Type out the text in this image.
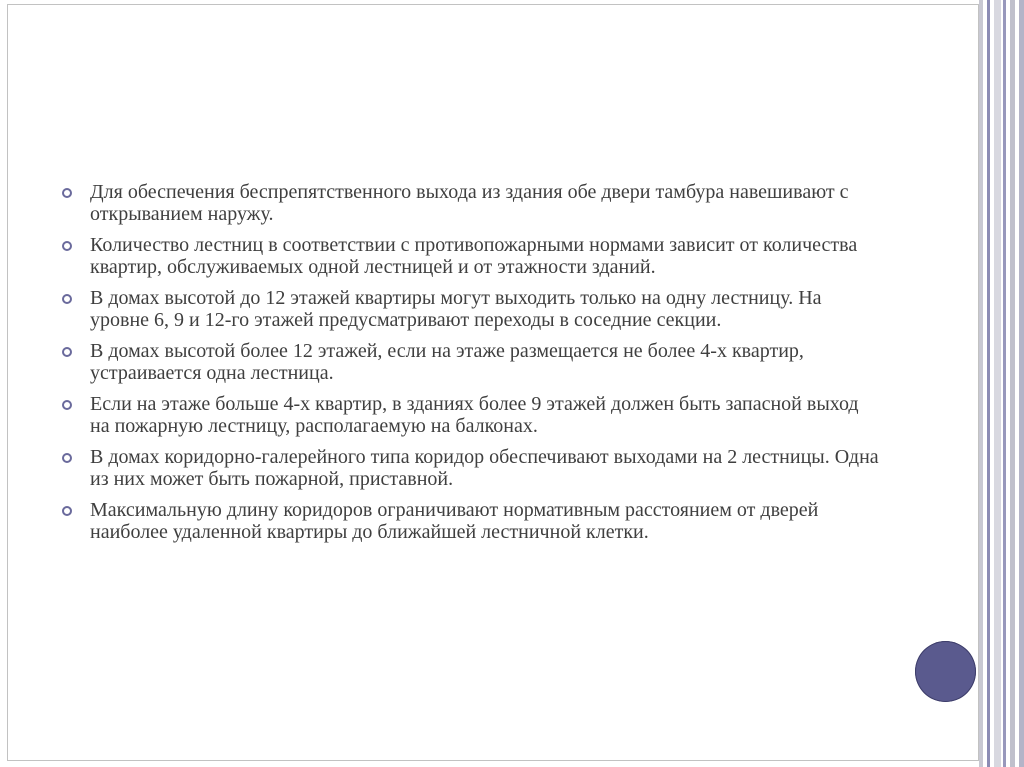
Для обеспечения беспрепятственного выхода из здания обе двери тамбура навешивают с открыванием наружу.
Количество лестниц в соответствии с противопожарными нормами зависит от количества квартир, обслуживаемых одной лестницей и от этажности зданий.
В домах высотой до 12 этажей квартиры могут выходить только на одну лестницу. На уровне 6, 9 и 12-го этажей предусматривают переходы в соседние секции.
В домах высотой более 12 этажей, если на этаже размещается не более 4-х квартир, устраивается одна лестница.
Если на этаже больше 4-х квартир, в зданиях более 9 этажей должен быть запасной выход на пожарную лестницу, располагаемую на балконах.
В домах коридорно-галерейного типа коридор обеспечивают выходами на 2 лестницы. Одна из них может быть пожарной, приставной.
Максимальную длину коридоров ограничивают нормативным расстоянием от дверей наиболее удаленной квартиры до ближайшей лестничной клетки.
